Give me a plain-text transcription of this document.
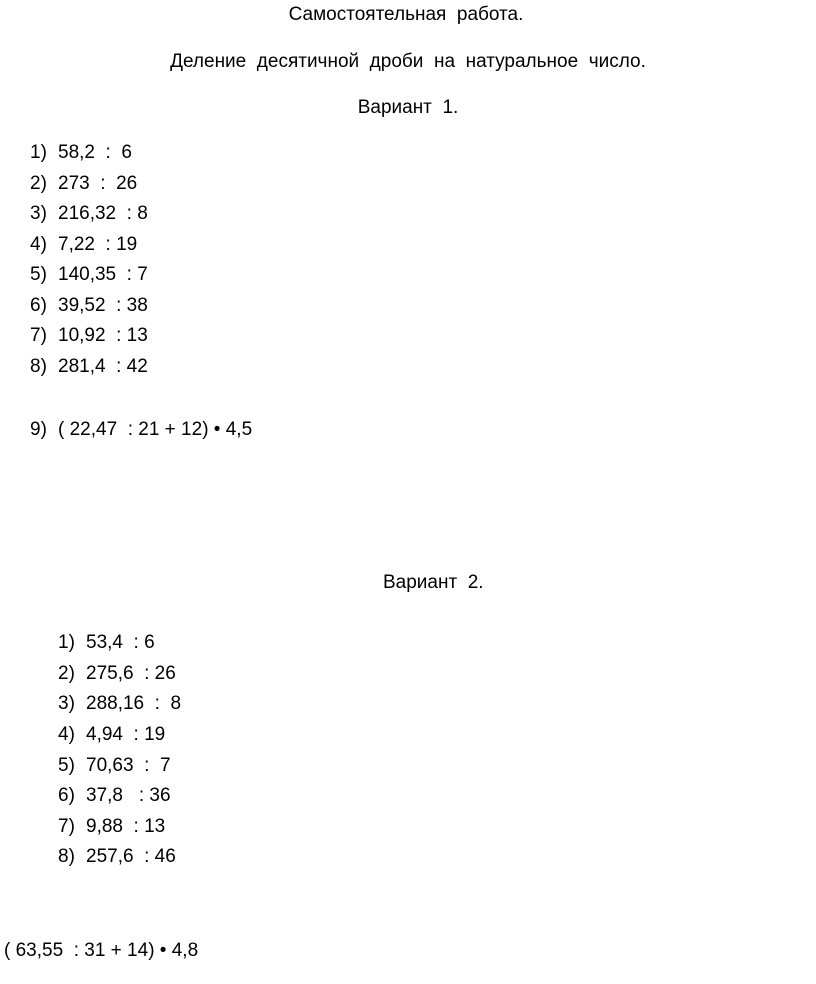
Самостоятельная  работа.
Деление  десятичной  дроби  на  натуральное  число.
Вариант  1.
1) 58,2  :  6
2) 273  :  26
3) 216,32  : 8
4) 7,22  : 19
5) 140,35  : 7
6) 39,52  : 38
7) 10,92  : 13
8) 281,4  : 42
9) ( 22,47  : 21 + 12) • 4,5
Вариант  2.
1) 53,4  : 6
2) 275,6  : 26
3) 288,16  :  8
4) 4,94  : 19
5) 70,63  :  7
6) 37,8   : 36
7) 9,88  : 13
8) 257,6  : 46
( 63,55  : 31 + 14) • 4,8
